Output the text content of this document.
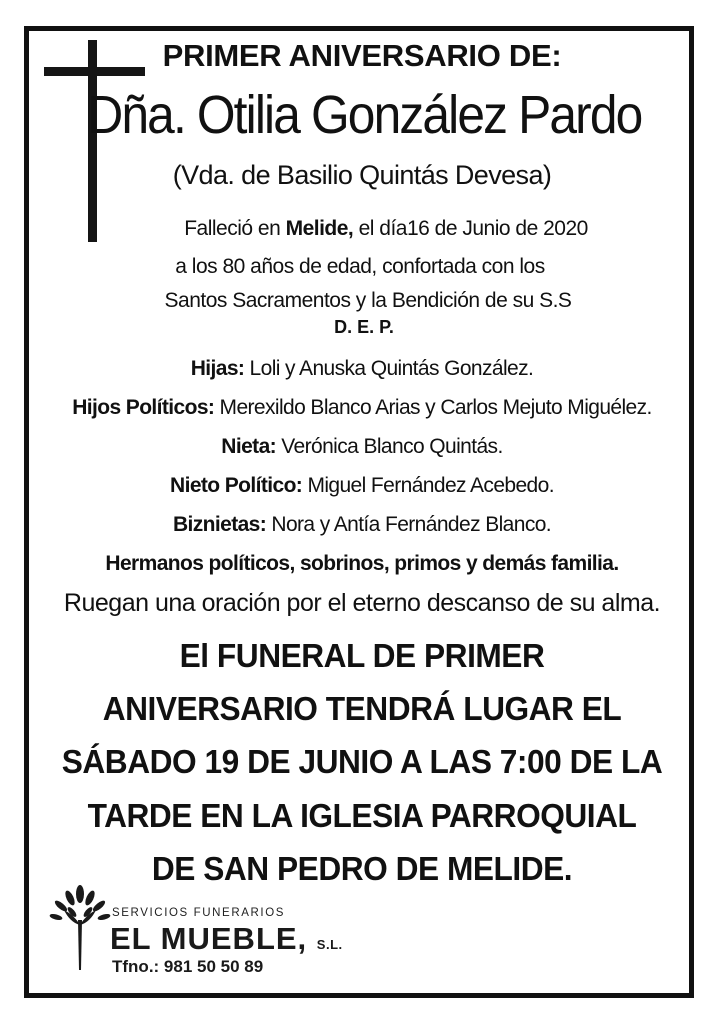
PRIMER ANIVERSARIO DE:
Dña. Otilia González Pardo
(Vda. de Basilio Quintás Devesa)
Falleció en Melide, el día16 de Junio de 2020
a los 80 años de edad, confortada con los
Santos Sacramentos y la Bendición de su S.S
D. E. P.
Hijas: Loli y Anuska Quintás González.
Hijos Políticos: Merexildo Blanco Arias y Carlos Mejuto Miguélez.
Nieta: Verónica Blanco Quintás.
Nieto Político: Miguel Fernández Acebedo.
Biznietas: Nora y Antía Fernández Blanco.
Hermanos políticos, sobrinos, primos y demás familia.
Ruegan una oración por el eterno descanso de su alma.
El FUNERAL DE PRIMER
ANIVERSARIO TENDRÁ LUGAR EL
SÁBADO 19 DE JUNIO A LAS 7:00 DE LA
TARDE EN LA IGLESIA PARROQUIAL
DE SAN PEDRO DE MELIDE.
SERVICIOS FUNERARIOS
EL MUEBLE, S.L.
Tfno.: 981 50 50 89
